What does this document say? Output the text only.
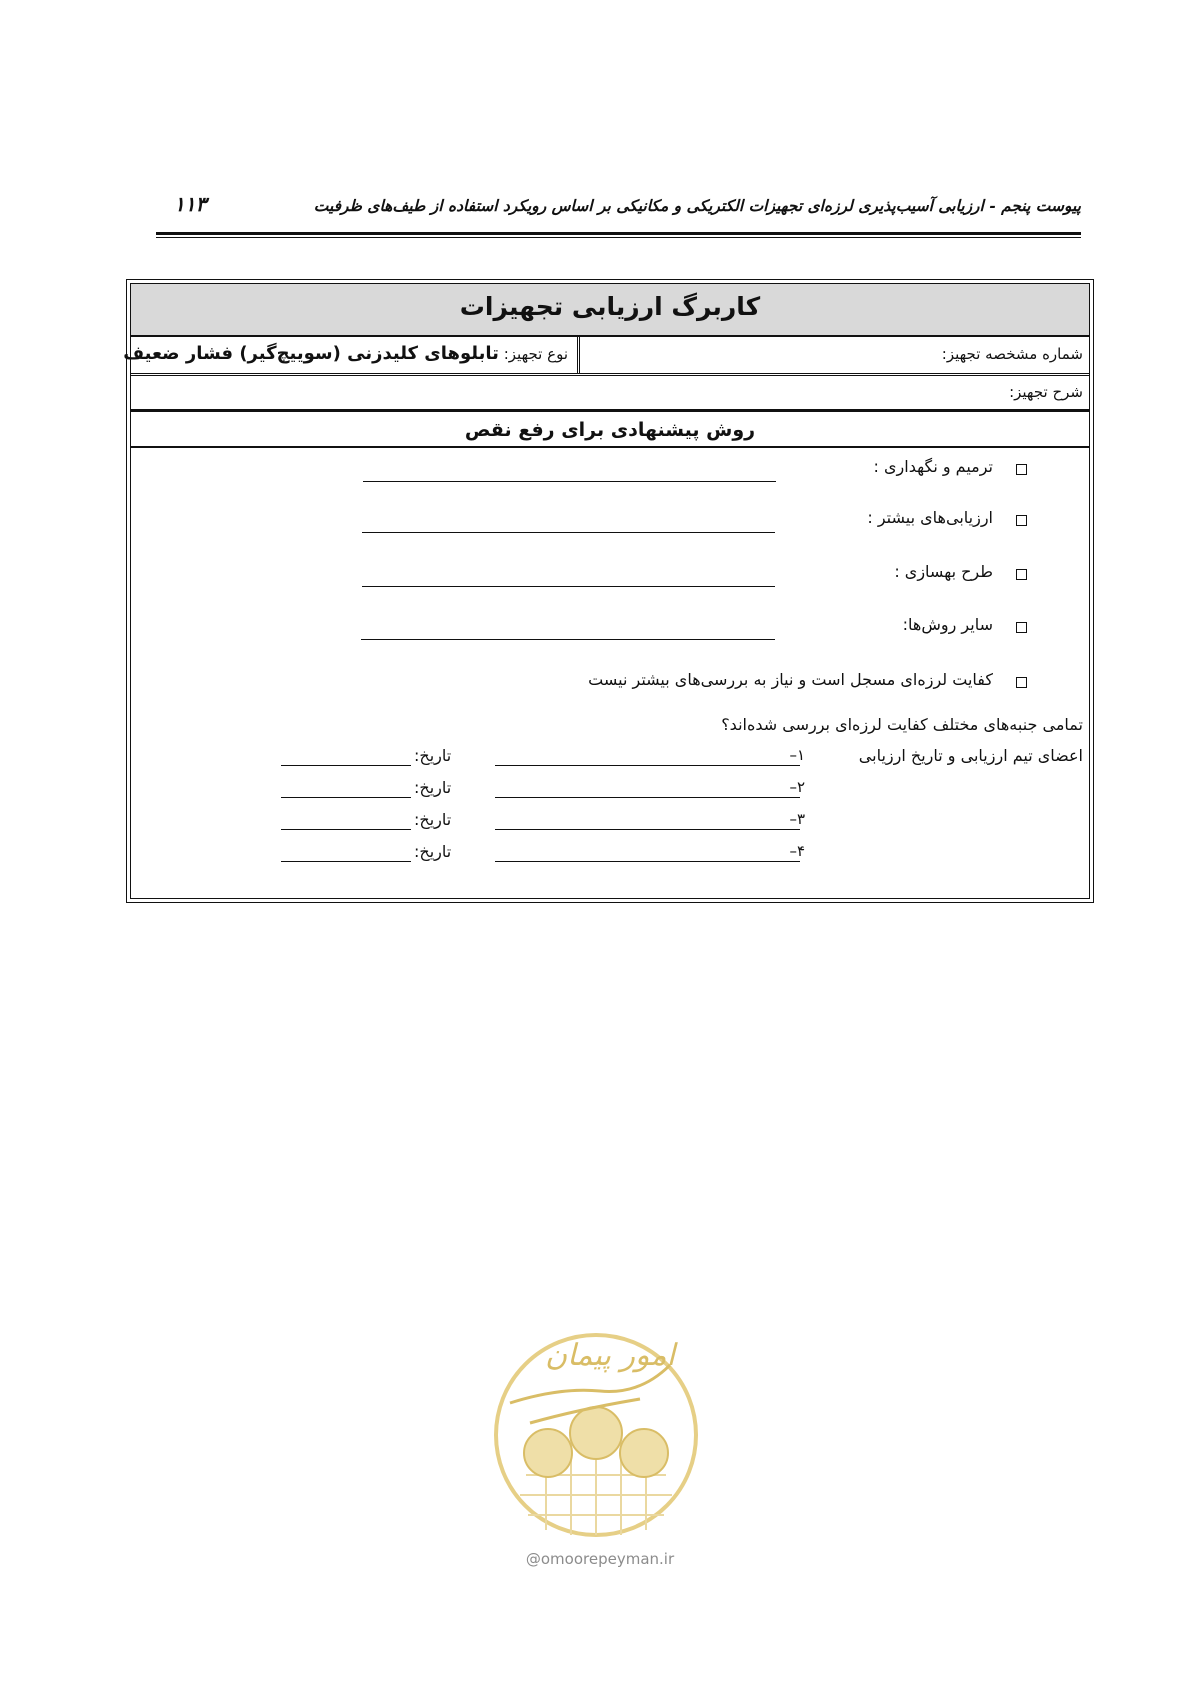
پیوست پنجم - ارزیابی آسیب‌پذیری لرزه‌ای تجهیزات الکتریکی و مکانیکی بر اساس رویکرد استفاده از طیف‌های ظرفیت
۱۱۳
کاربرگ ارزیابی تجهیزات
شماره مشخصه تجهیز:
نوع تجهیز: تابلوهای کلیدزنی (سوییچ‌گیر) فشار ضعیف
شرح تجهیز:
روش پیشنهادی برای رفع نقص
ترمیم و نگهداری :
ارزیابی‌های بیشتر :
طرح بهسازی :
سایر روش‌ها:
کفایت لرزه‌ای مسجل است و نیاز به بررسی‌های بیشتر نیست
تمامی جنبه‌های مختلف کفایت لرزه‌ای بررسی شده‌اند؟
اعضای تیم ارزیابی و تاریخ ارزیابی
۱–
تاریخ:
۲–
تاریخ:
۳–
تاریخ:
۴–
تاریخ:
امور پیمان
@omoorepeyman.ir
